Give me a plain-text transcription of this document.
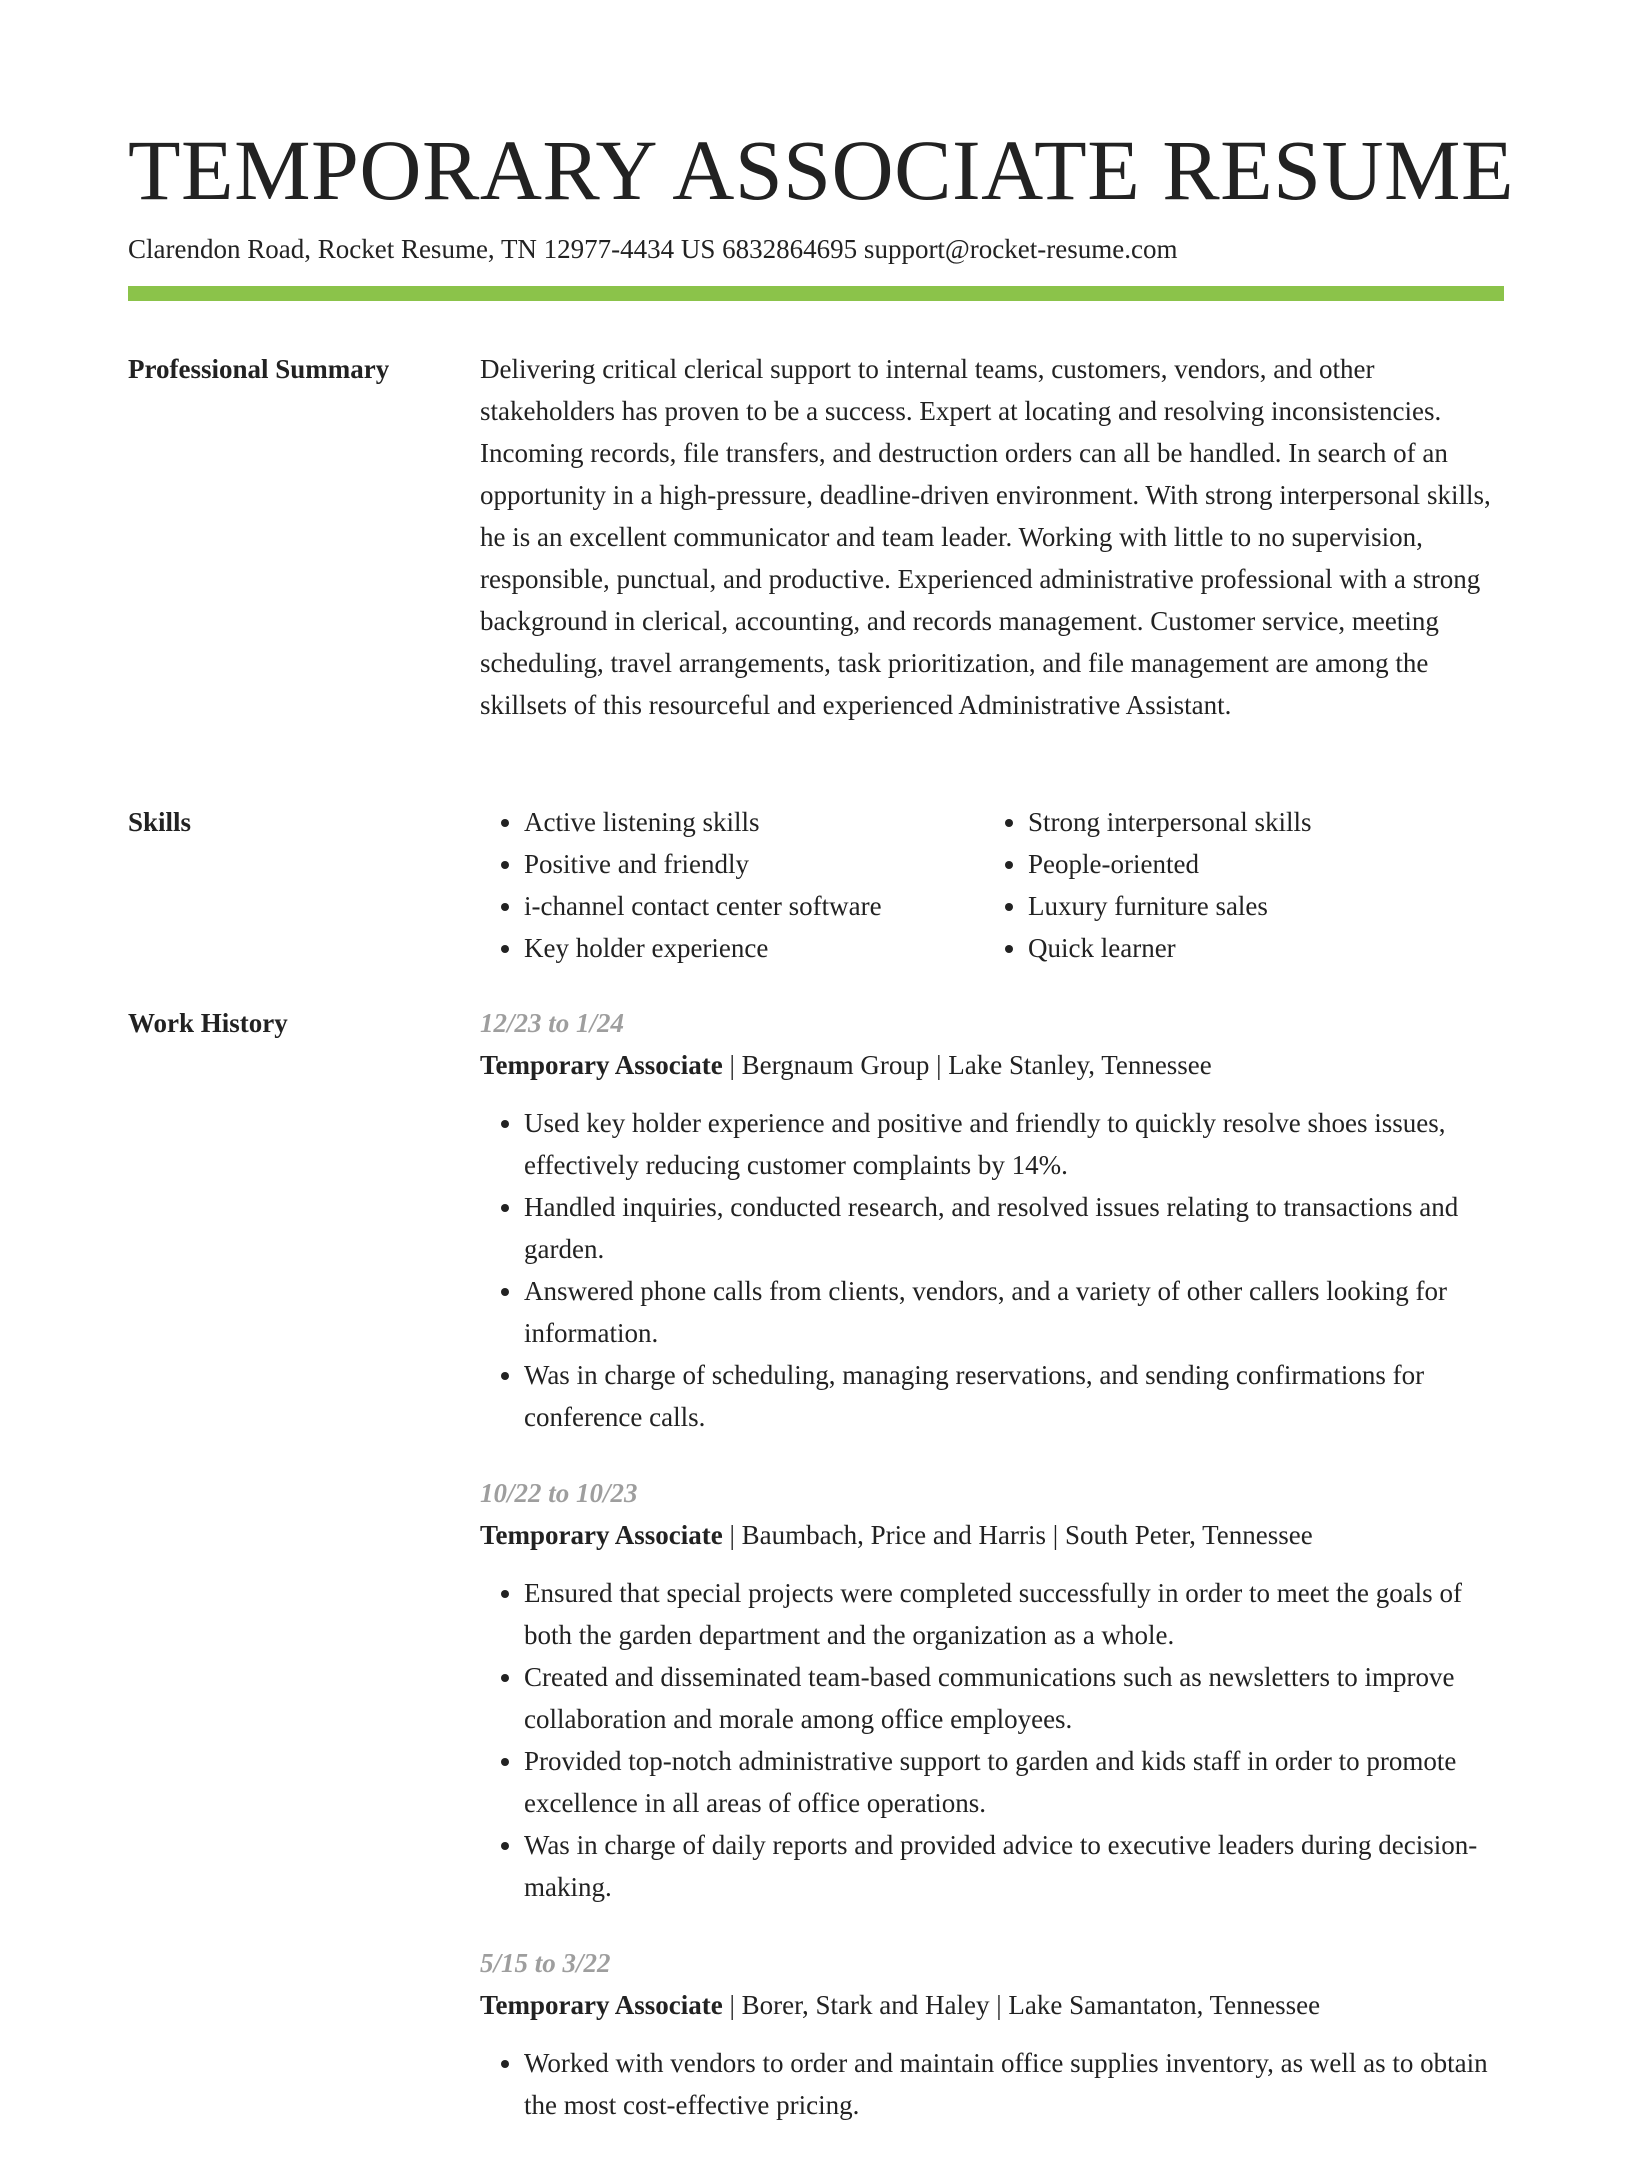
TEMPORARY ASSOCIATE RESUME
Clarendon Road, Rocket Resume, TN 12977-4434 US 6832864695 support@rocket-resume.com
Professional Summary	Delivering critical clerical support to internal teams, customers, vendors, and other stakeholders has proven to be a success. Expert at locating and resolving inconsistencies. Incoming records, file transfers, and destruction orders can all be handled. In search of an opportunity in a high-pressure, deadline-driven environment. With strong interpersonal skills, he is an excellent communicator and team leader. Working with little to no supervision, responsible, punctual, and productive. Experienced administrative professional with a strong background in clerical, accounting, and records management. Customer service, meeting scheduling, travel arrangements, task prioritization, and file management are among the skillsets of this resourceful and experienced Administrative Assistant.

Skills
•	Active listening skills
• Positive and friendly
• i-channel contact center software
• Key holder experience
• Strong interpersonal skills
• People-oriented
• Luxury furniture sales
• Quick learner
Work History	12/23 to 1/24
Temporary Associate | Bergnaum Group | Lake Stanley, Tennessee
• Used key holder experience and positive and friendly to quickly resolve shoes issues, effectively reducing customer complaints by 14%.
• Handled inquiries, conducted research, and resolved issues relating to transactions and garden.
• Answered phone calls from clients, vendors, and a variety of other callers looking for information.
• Was in charge of scheduling, managing reservations, and sending confirmations for conference calls.
10/22 to 10/23
Temporary Associate | Baumbach, Price and Harris | South Peter, Tennessee
• Ensured that special projects were completed successfully in order to meet the goals of both the garden department and the organization as a whole.
• Created and disseminated team-based communications such as newsletters to improve collaboration and morale among office employees.
• Provided top-notch administrative support to garden and kids staff in order to promote excellence in all areas of office operations.
• Was in charge of daily reports and provided advice to executive leaders during decision-making.
5/15 to 3/22
Temporary Associate | Borer, Stark and Haley | Lake Samantaton, Tennessee
• Worked with vendors to order and maintain office supplies inventory, as well as to obtain the most cost-effective pricing.
